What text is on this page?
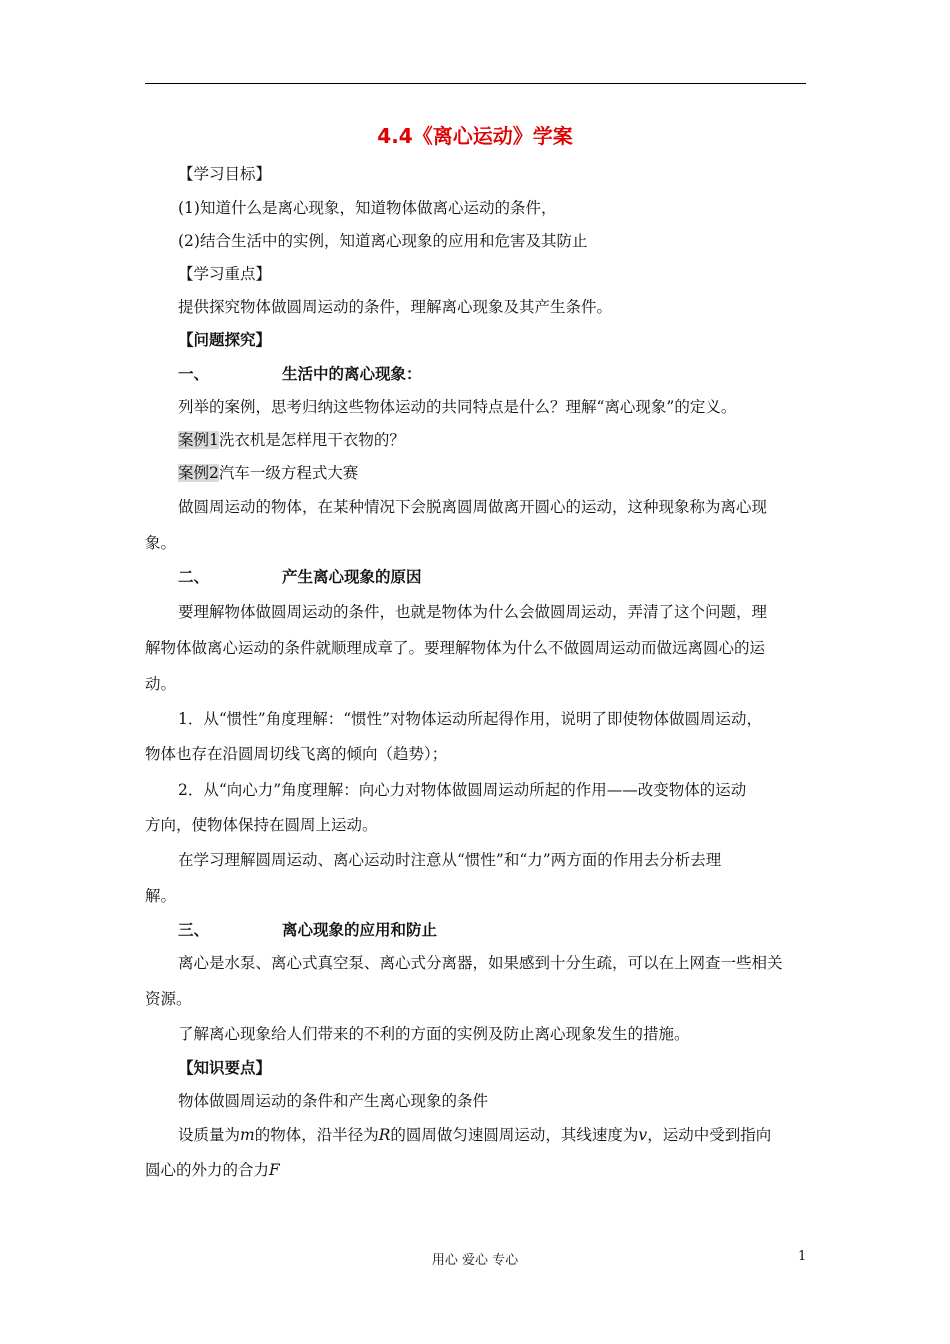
4.4《离心运动》学案
【学习目标】
(1)知道什么是离心现象，知道物体做离心运动的条件，
(2)结合生活中的实例，知道离心现象的应用和危害及其防止
【学习重点】
提供探究物体做圆周运动的条件，理解离心现象及其产生条件。
【问题探究】
一、	生活中的离心现象：
列举的案例，思考归纳这些物体运动的共同特点是什么？理解“离心现象”的定义。
案例1洗衣机是怎样甩干衣物的？
案例2汽车一级方程式大赛
做圆周运动的物体，在某种情况下会脱离圆周做离开圆心的运动，这种现象称为离心现
象。
二、	产生离心现象的原因
要理解物体做圆周运动的条件，也就是物体为什么会做圆周运动，弄清了这个问题，理
解物体做离心运动的条件就顺理成章了。要理解物体为什么不做圆周运动而做远离圆心的运
动。
1．从“惯性”角度理解：“惯性”对物体运动所起得作用，说明了即使物体做圆周运动，
物体也存在沿圆周切线飞离的倾向（趋势）；
2．从“向心力”角度理解：向心力对物体做圆周运动所起的作用——改变物体的运动
方向，使物体保持在圆周上运动。
在学习理解圆周运动、离心运动时注意从“惯性”和“力”两方面的作用去分析去理
解。
三、	离心现象的应用和防止
离心是水泵、离心式真空泵、离心式分离器，如果感到十分生疏，可以在上网查一些相关
资源。
了解离心现象给人们带来的不利的方面的实例及防止离心现象发生的措施。
【知识要点】
物体做圆周运动的条件和产生离心现象的条件
设质量为m的物体，沿半径为R的圆周做匀速圆周运动，其线速度为v，运动中受到指向
圆心的外力的合力F
用心 爱心 专心	1
